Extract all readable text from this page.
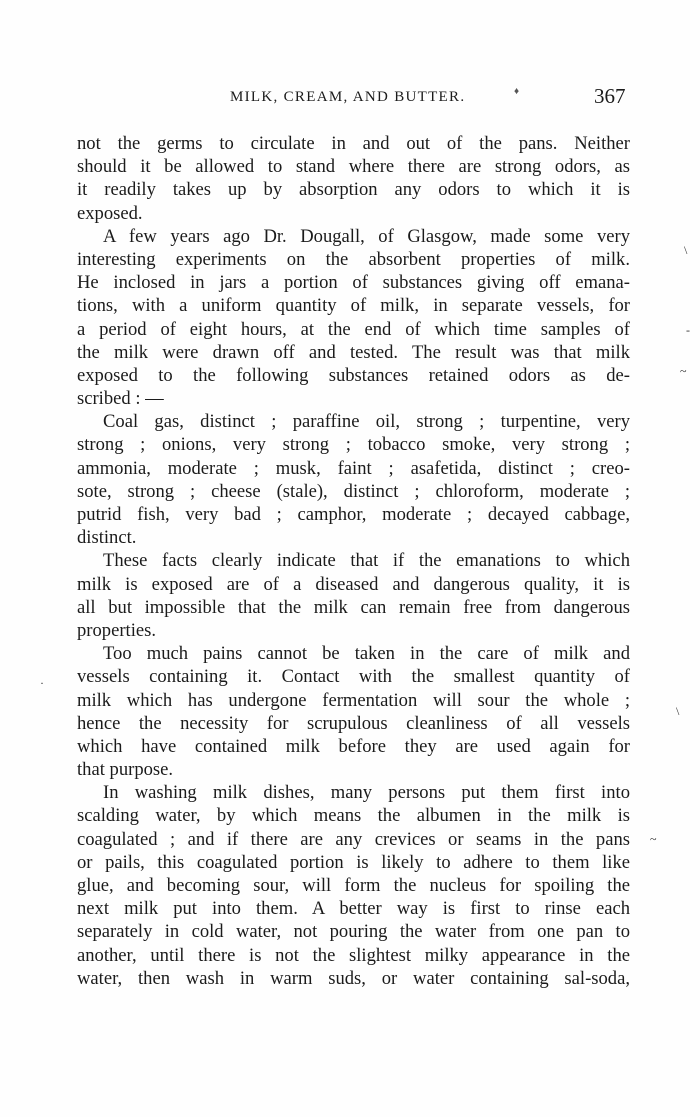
MILK, CREAM, AND BUTTER.	♦	367
not the germs to circulate in and out of the pans. Neither
should it be allowed to stand where there are strong odors, as
it readily takes up by absorption any odors to which it is
exposed.
A few years ago Dr. Dougall, of Glasgow, made some very
interesting experiments on the absorbent properties of milk.
He inclosed in jars a portion of substances giving off emana-
tions, with a uniform quantity of milk, in separate vessels, for
a period of eight hours, at the end of which time samples of
the milk were drawn off and tested. The result was that milk
exposed to the following substances retained odors as de-
scribed : —
Coal gas, distinct ; paraffine oil, strong ; turpentine, very
strong ; onions, very strong ; tobacco smoke, very strong ;
ammonia, moderate ; musk, faint ; asafetida, distinct ; creo-
sote, strong ; cheese (stale), distinct ; chloroform, moderate ;
putrid fish, very bad ; camphor, moderate ; decayed cabbage,
distinct.
These facts clearly indicate that if the emanations to which
milk is exposed are of a diseased and dangerous quality, it is
all but impossible that the milk can remain free from dangerous
properties.
Too much pains cannot be taken in the care of milk and
vessels containing it. Contact with the smallest quantity of
milk which has undergone fermentation will sour the whole ;
hence the necessity for scrupulous cleanliness of all vessels
which have contained milk before they are used again for
that purpose.
In washing milk dishes, many persons put them first into
scalding water, by which means the albumen in the milk is
coagulated ; and if there are any crevices or seams in the pans
or pails, this coagulated portion is likely to adhere to them like
glue, and becoming sour, will form the nucleus for spoiling the
next milk put into them. A better way is first to rinse each
separately in cold water, not pouring the water from one pan to
another, until there is not the slightest milky appearance in the
water, then wash in warm suds, or water containing sal-soda,
\
-
~
·
\
~
